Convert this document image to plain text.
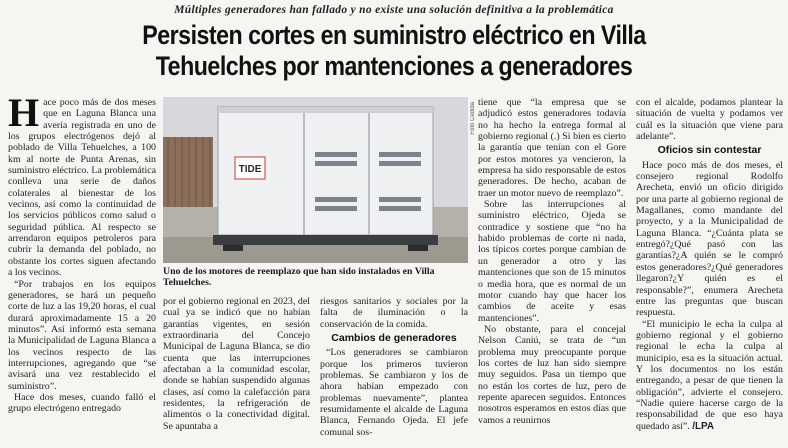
Múltiples generadores han fallado y no existe una solución definitiva a la problemática
Persisten cortes en suministro eléctrico en Villa
Tehuelches por mantenciones a generadores

Hace poco más de dos meses que en Laguna Blanca una avería registrada en uno de los grupos electrógenos dejó al poblado de Villa Tehuelches, a 100 km al norte de Punta Arenas, sin suministro eléctrico. La problemática conlleva una serie de daños colaterales al bienestar de los vecinos, así como la continuidad de los servicios públicos como salud o seguridad pública. Al respecto se arrendaron equipos petroleros para cubrir la demanda del poblado, no obstante los cortes siguen afectando a los vecinos.

“Por trabajos en los equipos generadores, se hará un pequeño corte de luz a las 19,20 horas, el cual durará aproximadamente 15 a 20 minutos”. Así informó esta semana la Municipalidad de Laguna Blanca a los vecinos respecto de las interrupciones, agregando que “se avisará una vez restablecido el suministro”.

Hace dos meses, cuando falló el grupo electrógeno entregado

TIDE
Foto Cedida
Uno de los motores de reemplazo que han sido instalados en Villa Tehuelches.

por el gobierno regional en 2023, del cual ya se indicó que no habían garantías vigentes, en sesión extraordinaria del Concejo Municipal de Laguna Blanca, se dio cuenta que las interrupciones afectaban a la comunidad escolar, donde se habían suspendido algunas clases, así como la calefacción para residentes, la refrigeración de alimentos o la conectividad digital. Se apuntaba a

riesgos sanitarios y sociales por la falta de iluminación o la conservación de la comida.

Cambios de generadores

“Los generadores se cambiaron porque los primeros tuvieron problemas. Se cambiaron y los de ahora habían empezado con problemas nuevamente”, plantea resumidamente el alcalde de Laguna Blanca, Fernando Ojeda. El jefe comunal sos-

tiene que “la empresa que se adjudicó estos generadores todavía no ha hecho la entrega formal al gobierno regional (.) Si bien es cierto la garantía que tenían con el Gore por estos motores ya vencieron, la empresa ha sido responsable de estos generadores. De hecho, acaban de traer un motor nuevo de reemplazo”.

Sobre las interrupciones al suministro eléctrico, Ojeda se contradice y sostiene que “no ha habido problemas de corte ni nada, los típicos cortes porque cambian de un generador a otro y las mantenciones que son de 15 minutos o media hora, que es normal de un motor cuando hay que hacer los cambios de aceite y esas mantenciones”.

No obstante, para el concejal Nelson Caniú, se trata de “un problema muy preocupante porque los cortes de luz han sido siempre muy seguidos. Pasa un tiempo que no están los cortes de luz, pero de repente aparecen seguidos. Entonces nosotros esperamos en estos días que vamos a reunirnos

con el alcalde, podamos plantear la situación de vuelta y podamos ver cuál es la situación que viene para adelante”.

Oficios sin contestar

Hace poco más de dos meses, el consejero regional Rodolfo Arecheta, envió un oficio dirigido por una parte al gobierno regional de Magallanes, como mandante del proyecto, y a la Municipalidad de Laguna Blanca. “¿Cuánta plata se entregó?¿Qué pasó con las garantías?¿A quién se le compró estos generadores?¿Qué generadores llegaron?¿Y quién es el responsable?”, enumera Arecheta entre las preguntas que buscan respuesta.

“El municipio le echa la culpa al gobierno regional y el gobierno regional le echa la culpa al municipio, esa es la situación actual. Y los documentos no los están entregando, a pesar de que tienen la obligación”, advierte el consejero. “Nadie quiere hacerse cargo de la responsabilidad de que eso haya quedado así”. /LPA
